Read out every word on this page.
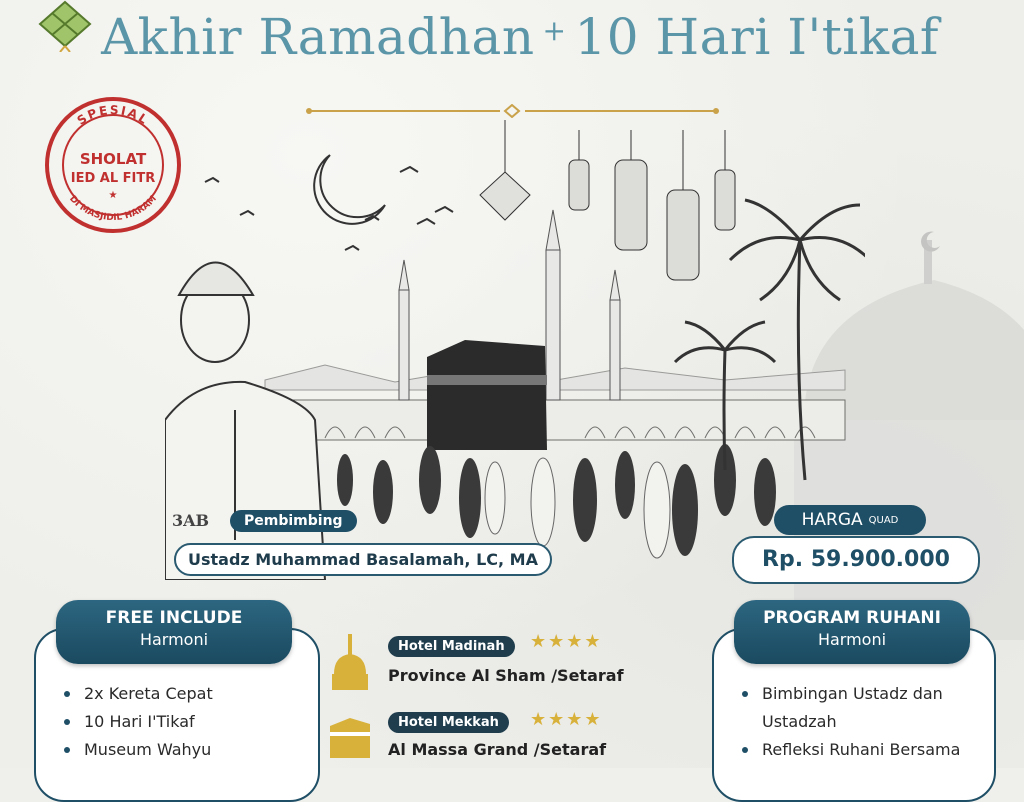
Akhir Ramadhan + 10 Hari I'tikaf
SPESIAL
SHOLAT
IED AL FITR
★
DI MASJIDIL HARAM
3AB	Pembimbing
Ustadz Muhammad Basalamah, LC, MA
HARGA QUAD
Rp. 59.900.000
FREE INCLUDE
Harmoni
2x Kereta Cepat
10 Hari I'Tikaf
Museum Wahyu
Hotel Madinah	★★★★
Province Al Sham /Setaraf
Hotel Mekkah	★★★★
Al Massa Grand /Setaraf
PROGRAM RUHANI
Harmoni
Bimbingan Ustadz dan Ustadzah
Refleksi Ruhani Bersama
